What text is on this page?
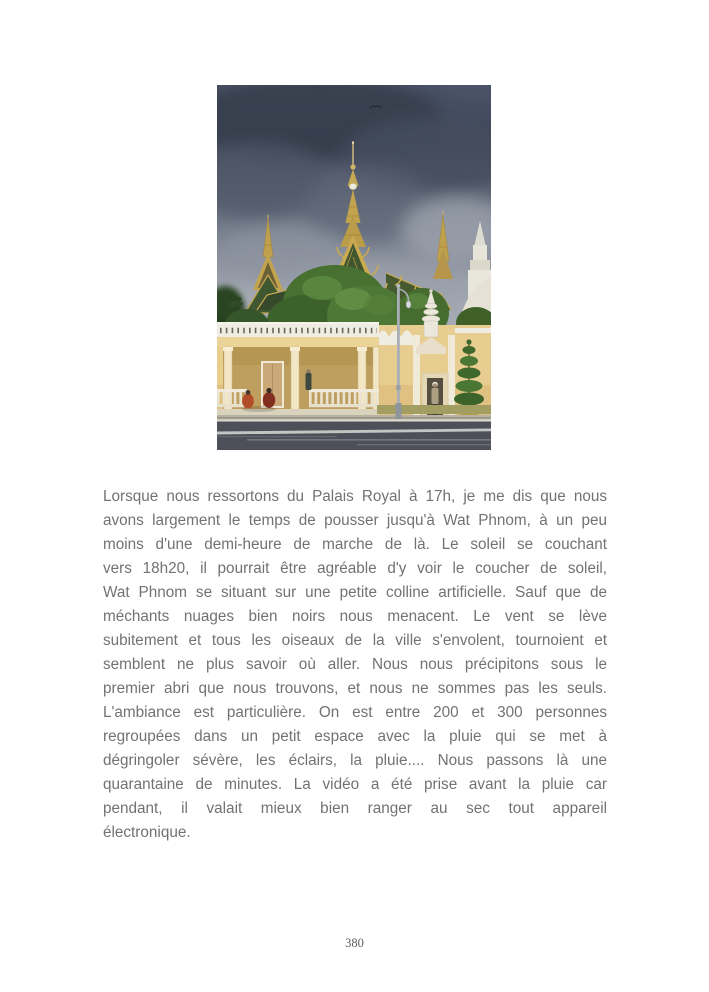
Lorsque nous ressortons du Palais Royal à 17h, je me dis que nous
avons largement le temps de pousser jusqu'à Wat Phnom, à un peu
moins d'une demi-heure de marche de là. Le soleil se couchant
vers 18h20, il pourrait être agréable d'y voir le coucher de soleil,
Wat Phnom se situant sur une petite colline artificielle. Sauf que de
méchants nuages bien noirs nous menacent. Le vent se lève
subitement et tous les oiseaux de la ville s'envolent, tournoient et
semblent ne plus savoir où aller. Nous nous précipitons sous le
premier abri que nous trouvons, et nous ne sommes pas les seuls.
L'ambiance est particulière. On est entre 200 et 300 personnes
regroupées dans un petit espace avec la pluie qui se met à
dégringoler sévère, les éclairs, la pluie.... Nous passons là une
quarantaine de minutes. La vidéo a été prise avant la pluie car
pendant, il valait mieux bien ranger au sec tout appareil
électronique.
380
